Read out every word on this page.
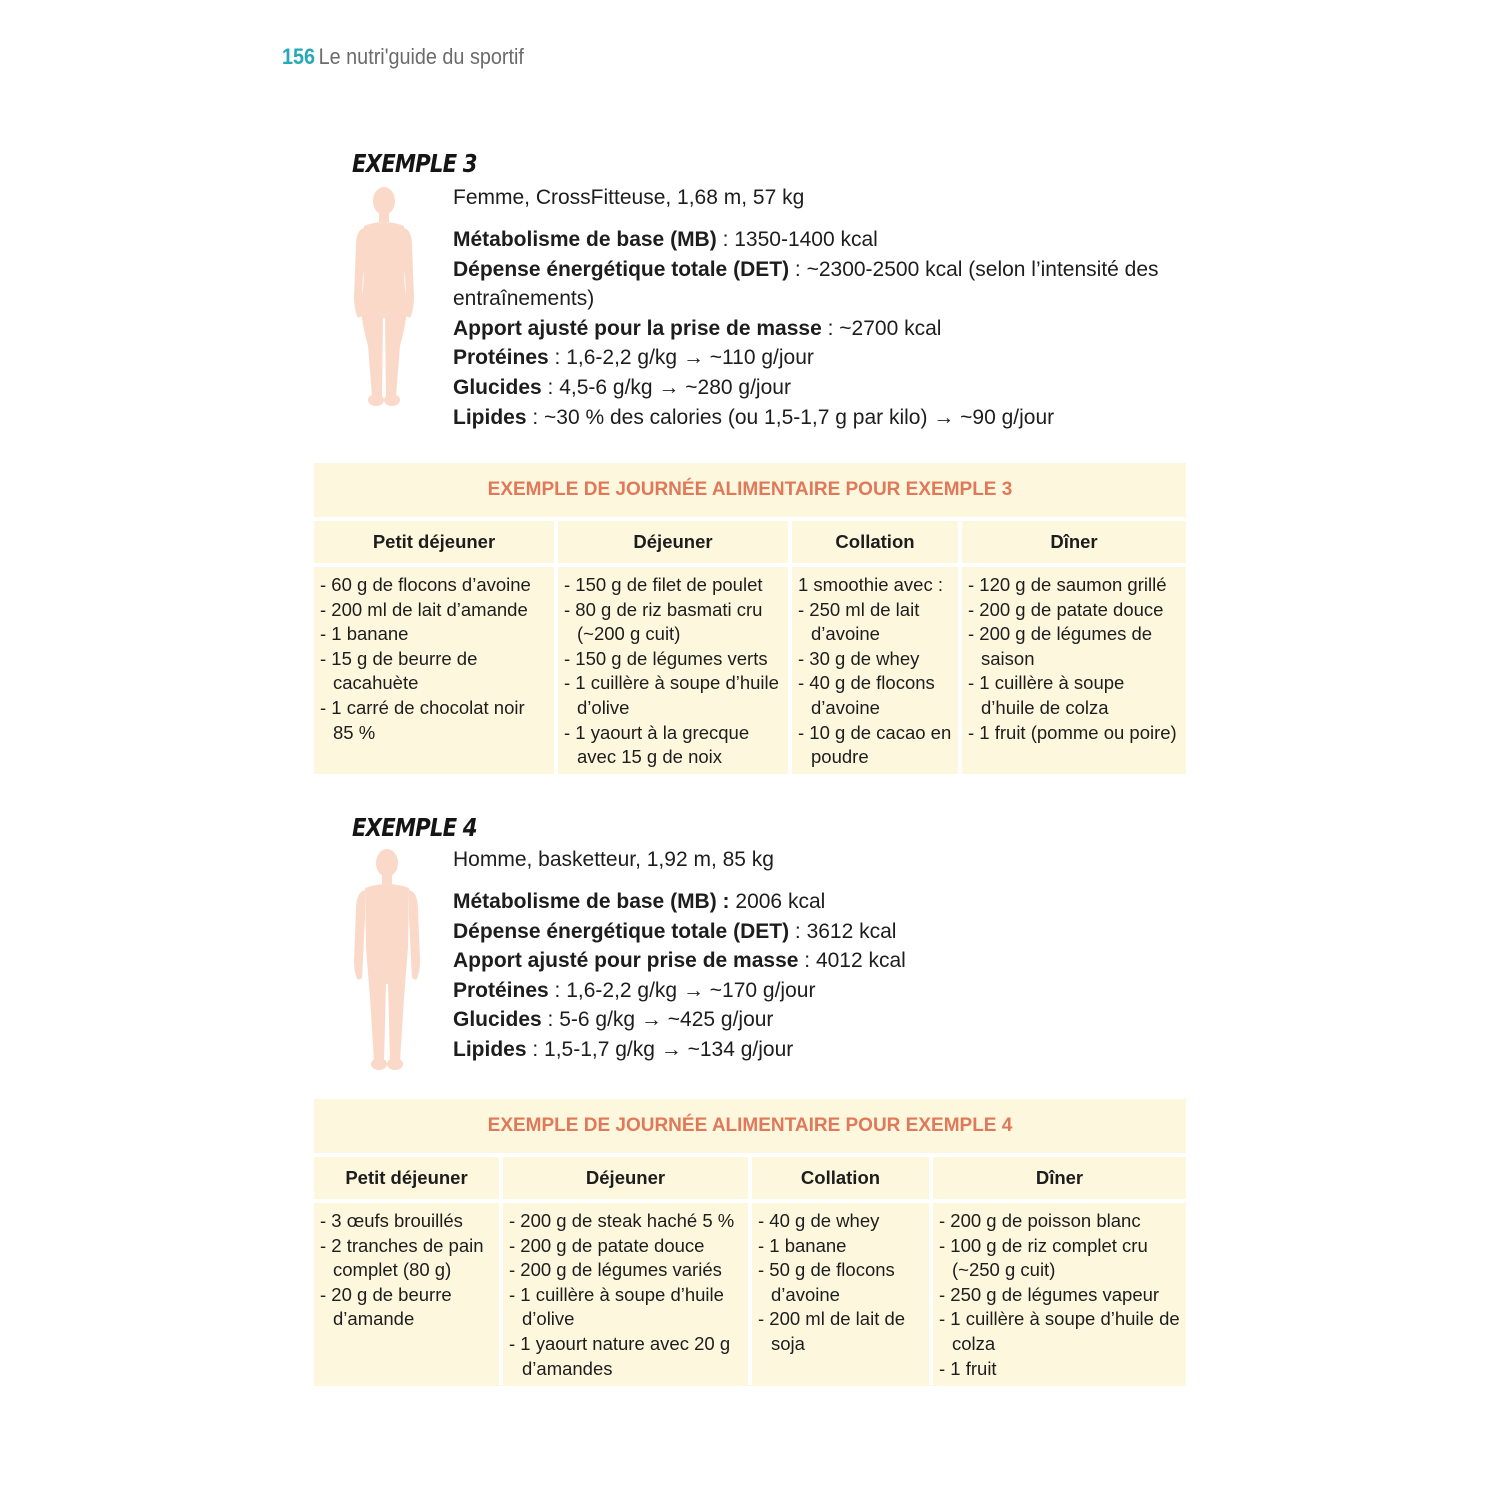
156 Le nutri'guide du sportif
EXEMPLE 3

Femme, CrossFitteuse, 1,68 m, 57 kg

Métabolisme de base (MB) : 1350-1400 kcal

Dépense énergétique totale (DET) : ~2300-2500 kcal (selon l’intensité des entraînements)

Apport ajusté pour la prise de masse : ~2700 kcal

Protéines : 1,6-2,2 g/kg → ~110 g/jour

Glucides : 4,5-6 g/kg → ~280 g/jour

Lipides : ~30 % des calories (ou 1,5-1,7 g par kilo) → ~90 g/jour

EXEMPLE DE JOURNÉE ALIMENTAIRE POUR EXEMPLE 3
Petit déjeuner

- 60 g de flocons d’avoine

- 200 ml de lait d’amande

- 1 banane

- 15 g de beurre de cacahuète

- 1 carré de chocolat noir 85 %

Déjeuner

- 150 g de filet de poulet

- 80 g de riz basmati cru (~200 g cuit)

- 150 g de légumes verts

- 1 cuillère à soupe d’huile d’olive

- 1 yaourt à la grecque avec 15 g de noix

Collation

1 smoothie avec :

- 250 ml de lait d’avoine

- 30 g de whey

- 40 g de flocons d’avoine

- 10 g de cacao en poudre

Dîner

- 120 g de saumon grillé

- 200 g de patate douce

- 200 g de légumes de saison

- 1 cuillère à soupe d’huile de colza

- 1 fruit (pomme ou poire)

EXEMPLE 4

Homme, basketteur, 1,92 m, 85 kg

Métabolisme de base (MB) : 2006 kcal

Dépense énergétique totale (DET) : 3612 kcal

Apport ajusté pour prise de masse : 4012 kcal

Protéines : 1,6-2,2 g/kg → ~170 g/jour

Glucides : 5-6 g/kg → ~425 g/jour

Lipides : 1,5-1,7 g/kg → ~134 g/jour

EXEMPLE DE JOURNÉE ALIMENTAIRE POUR EXEMPLE 4
Petit déjeuner

- 3 œufs brouillés

- 2 tranches de pain complet (80 g)

- 20 g de beurre d’amande

Déjeuner

- 200 g de steak haché 5 %

- 200 g de patate douce

- 200 g de légumes variés

- 1 cuillère à soupe d’huile d’olive

- 1 yaourt nature avec 20 g d’amandes

Collation

- 40 g de whey

- 1 banane

- 50 g de flocons d’avoine

- 200 ml de lait de soja

Dîner

- 200 g de poisson blanc

- 100 g de riz complet cru (~250 g cuit)

- 250 g de légumes vapeur

- 1 cuillère à soupe d’huile de colza

- 1 fruit
